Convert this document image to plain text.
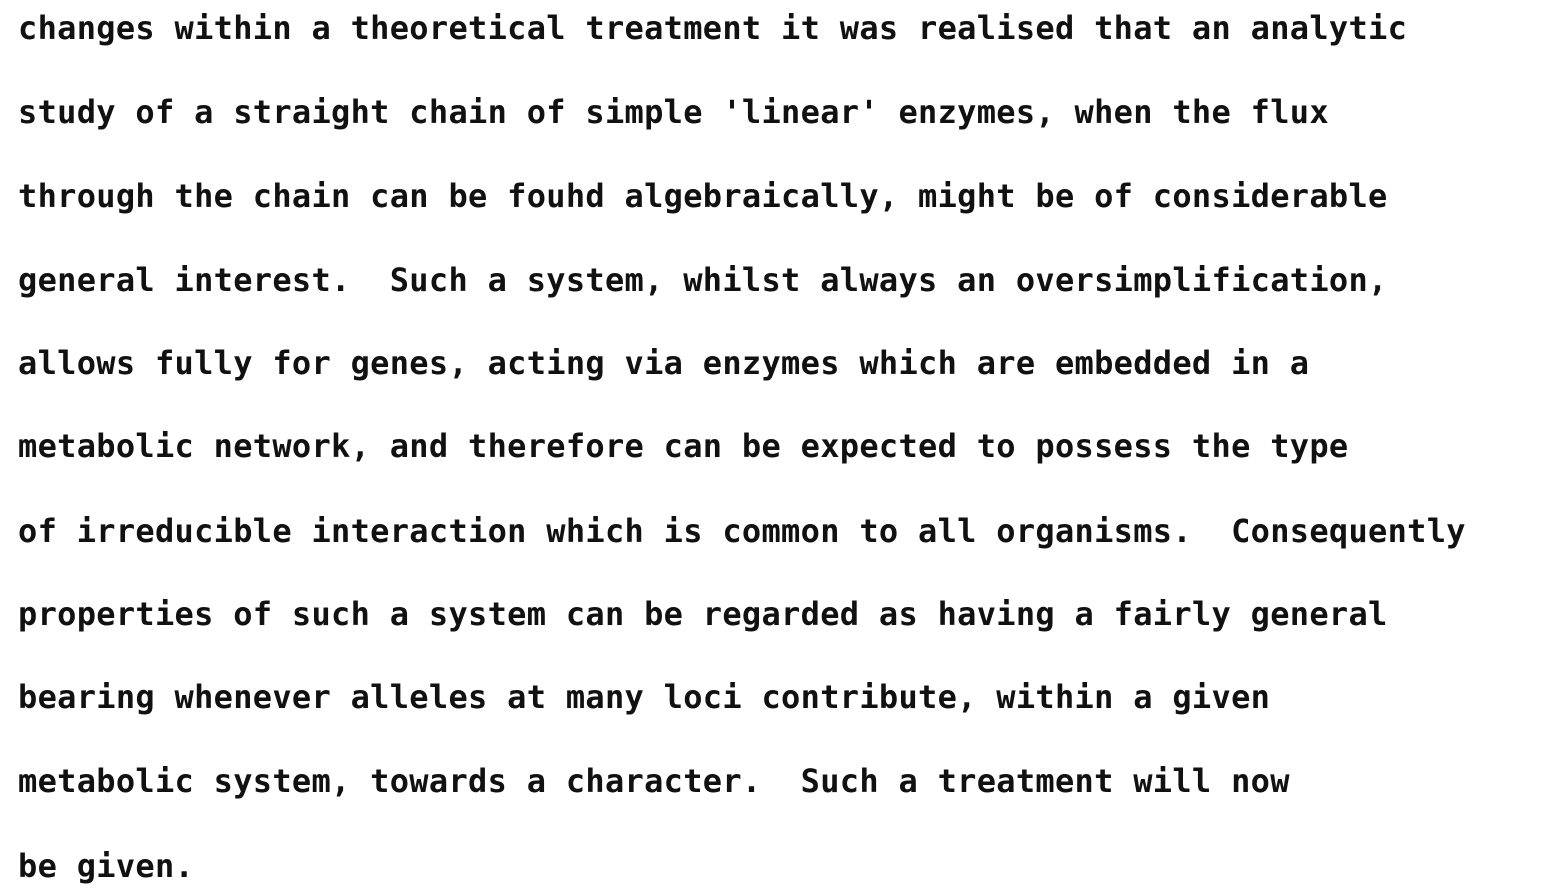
changes within a theoretical treatment it was realised that an analytic
study of a straight chain of simple 'linear' enzymes, when the flux
through the chain can be fouhd algebraically, might be of considerable
general interest.  Such a system, whilst always an oversimplification,
allows fully for genes, acting via enzymes which are embedded in a
metabolic network, and therefore can be expected to possess the type
of irreducible interaction which is common to all organisms.  Consequently
properties of such a system can be regarded as having a fairly general
bearing whenever alleles at many loci contribute, within a given
metabolic system, towards a character.  Such a treatment will now
be given.
